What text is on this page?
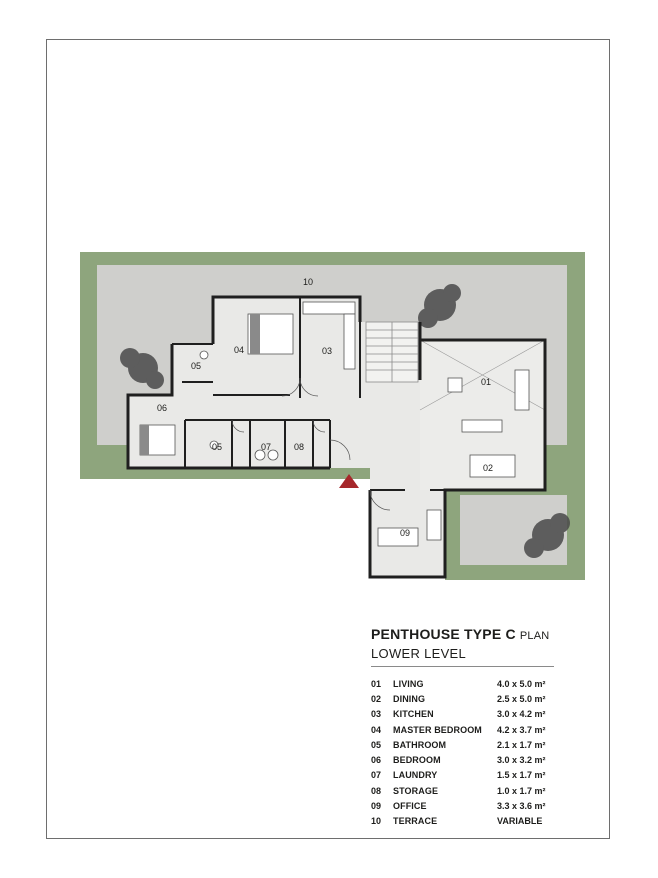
10
01
02
03
04
05
05
06
07	08
09
PENTHOUSE TYPE C PLAN
LOWER LEVEL
01	LIVING	4.0 x 5.0 m²
02	DINING	2.5 x 5.0 m²
03	KITCHEN	3.0 x 4.2 m²
04	MASTER BEDROOM	4.2 x 3.7 m²
05	BATHROOM	2.1 x 1.7 m²
06	BEDROOM	3.0 x 3.2 m²
07	LAUNDRY	1.5 x 1.7 m²
08	STORAGE	1.0 x 1.7 m²
09	OFFICE	3.3 x 3.6 m²
10	TERRACE	VARIABLE
